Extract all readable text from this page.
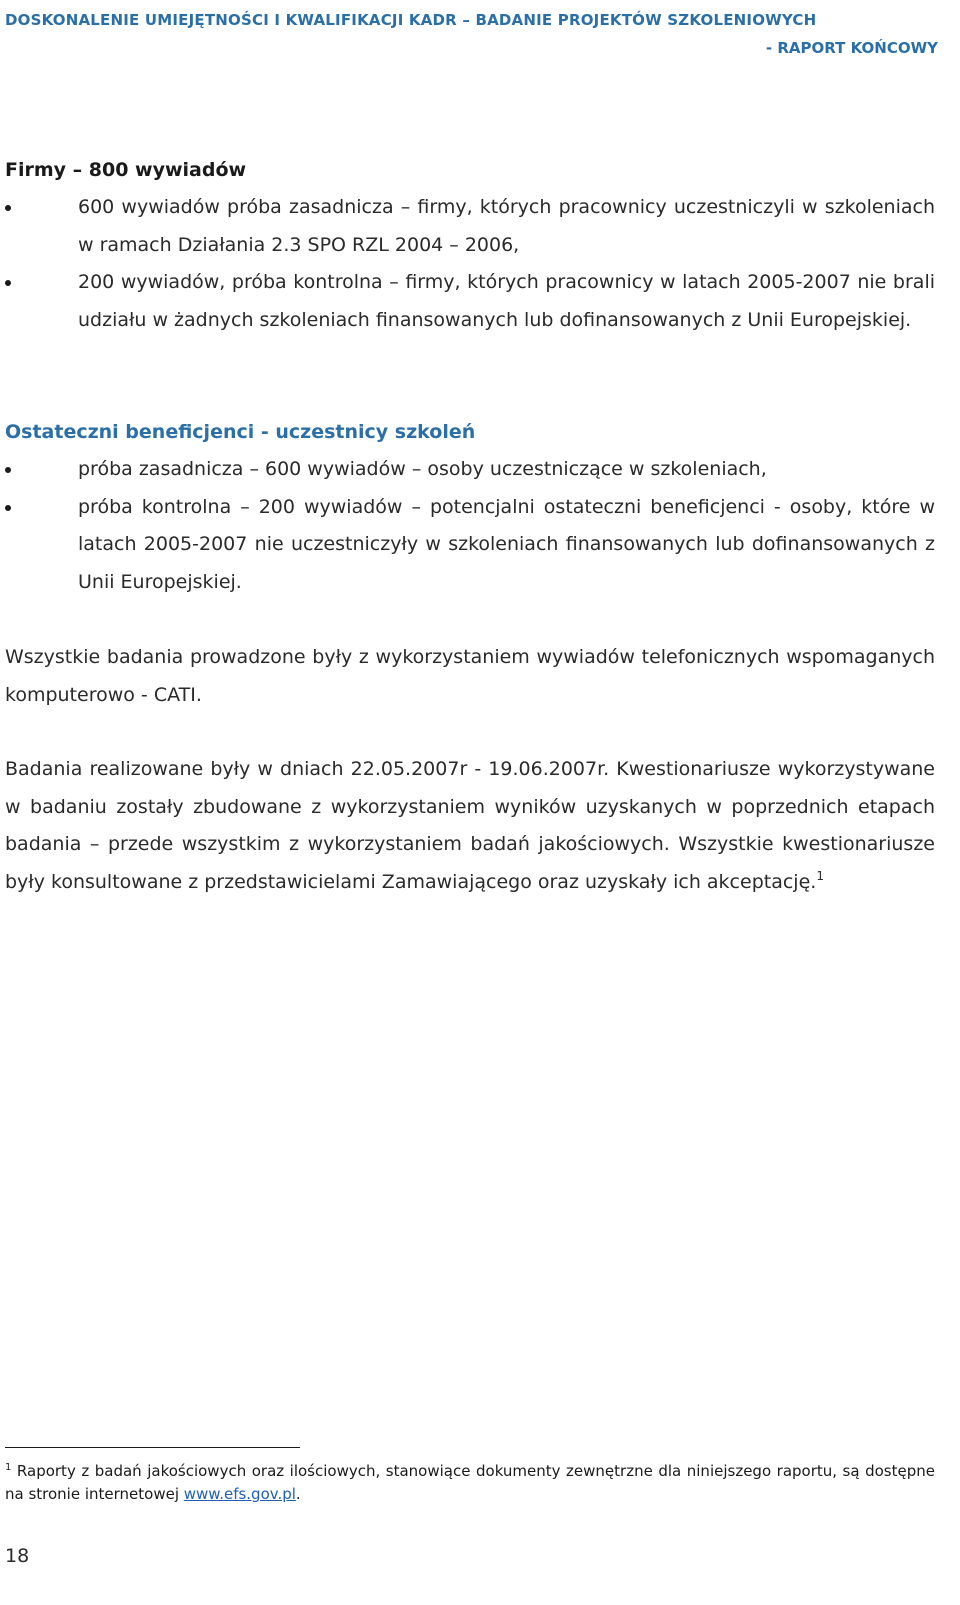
DOSKONALENIE UMIEJĘTNOŚCI I KWALIFIKACJI KADR – BADANIE PROJEKTÓW SZKOLENIOWYCH
- RAPORT KOŃCOWY
Firmy – 800 wywiadów
600 wywiadów próba zasadnicza – firmy, których pracownicy uczestniczyli w szkoleniach w ramach Działania 2.3 SPO RZL 2004 – 2006,
200 wywiadów, próba kontrolna – firmy, których pracownicy w latach 2005-2007 nie brali udziału w żadnych szkoleniach finansowanych lub dofinansowanych z Unii Europejskiej.
Ostateczni beneficjenci - uczestnicy szkoleń
próba zasadnicza – 600 wywiadów – osoby uczestniczące w szkoleniach,
próba kontrolna – 200 wywiadów – potencjalni ostateczni beneficjenci - osoby, które w latach 2005-2007 nie uczestniczyły w szkoleniach finansowanych lub dofinansowanych z Unii Europejskiej.
Wszystkie badania prowadzone były z wykorzystaniem wywiadów telefonicznych wspomaganych komputerowo - CATI.
Badania realizowane były w dniach 22.05.2007r - 19.06.2007r. Kwestionariusze wykorzystywane w badaniu zostały zbudowane z wykorzystaniem wyników uzyskanych w poprzednich etapach badania – przede wszystkim z wykorzystaniem badań jakościowych. Wszystkie kwestionariusze były konsultowane z przedstawicielami Zamawiającego oraz uzyskały ich akceptację.$^1$
$^1$ Raporty z badań jakościowych oraz ilościowych, stanowiące dokumenty zewnętrzne dla niniejszego raportu, są dostępne na stronie internetowej www.efs.gov.pl.
18
